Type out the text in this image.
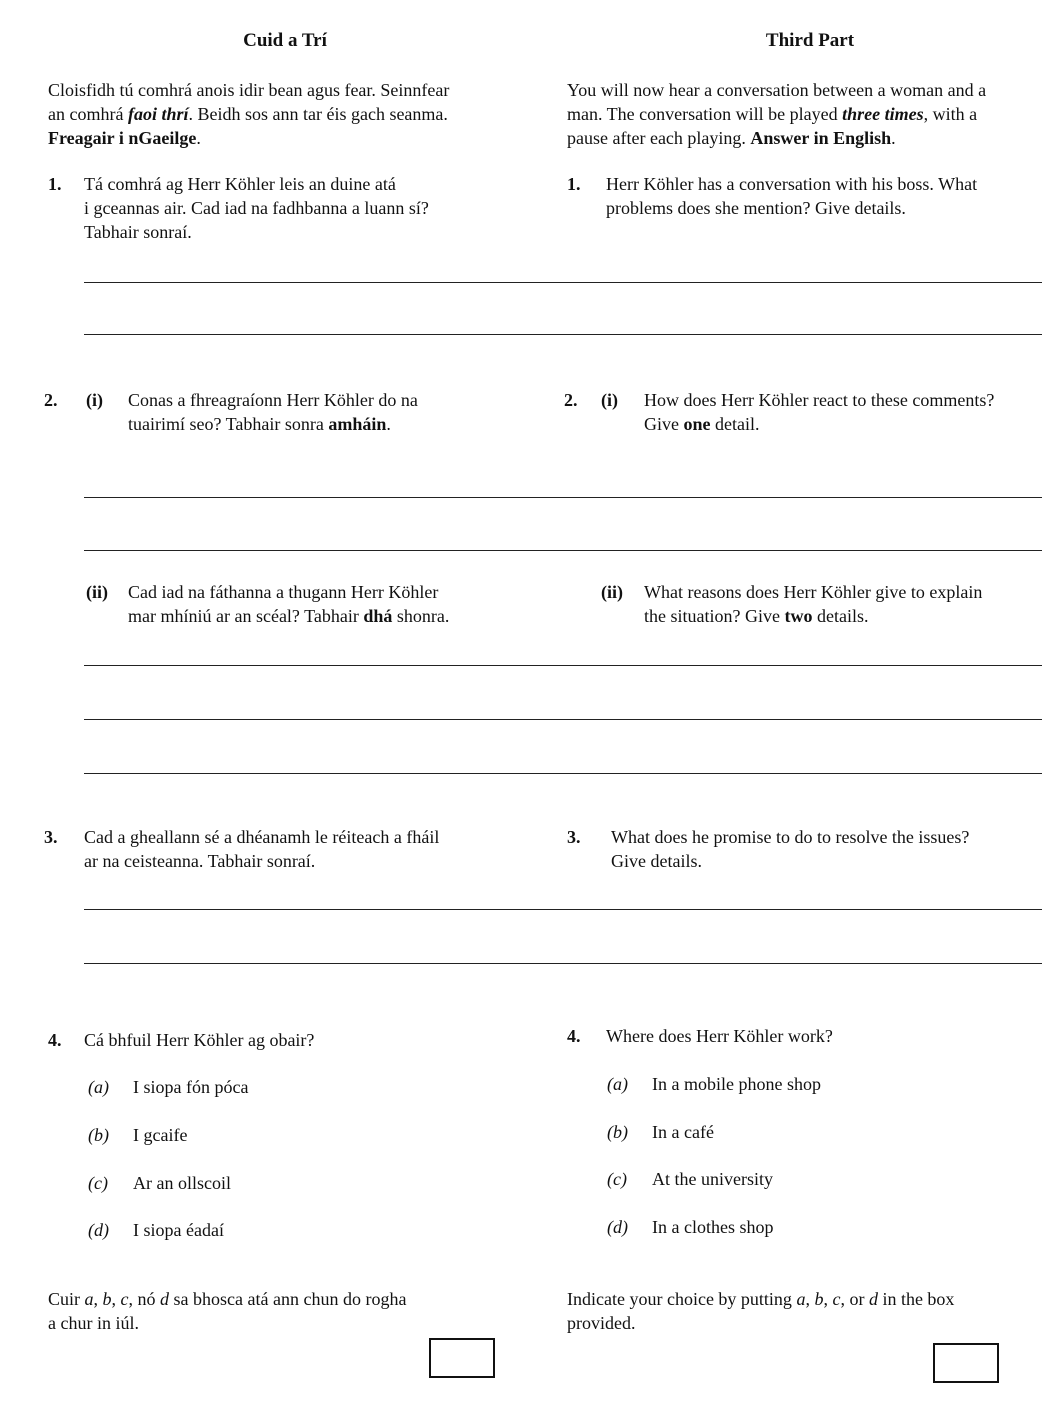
Cuid a Trí	Third Part
Cloisfidh tú comhrá anois idir bean agus fear. Seinnfear
an comhrá faoi thrí. Beidh sos ann tar éis gach seanma.
Freagair i nGaeilge.
You will now hear a conversation between a woman and a
man. The conversation will be played three times, with a
pause after each playing. Answer in English.
1. Tá comhrá ag Herr Köhler leis an duine atá
i gceannas air. Cad iad na fadhbanna a luann sí?
Tabhair sonraí.
1. Herr Köhler has a conversation with his boss. What
problems does she mention? Give details.
2. (i) Conas a fhreagraíonn Herr Köhler do na
tuairimí seo? Tabhair sonra amháin.
2. (i) How does Herr Köhler react to these comments?
Give one detail.
(ii) Cad iad na fáthanna a thugann Herr Köhler
mar mhíniú ar an scéal? Tabhair dhá shonra.
(ii) What reasons does Herr Köhler give to explain
the situation? Give two details.
3. Cad a gheallann sé a dhéanamh le réiteach a fháil
ar na ceisteanna. Tabhair sonraí.
3. What does he promise to do to resolve the issues?
Give details.
4. Cá bhfuil Herr Köhler ag obair?
(a) I siopa fón póca
(b) I gcaife
(c) Ar an ollscoil
(d) I siopa éadaí
4. Where does Herr Köhler work?
(a) In a mobile phone shop
(b) In a café
(c) At the university
(d) In a clothes shop
Cuir a, b, c, nó d sa bhosca atá ann chun do rogha
a chur in iúl.
Indicate your choice by putting a, b, c, or d in the box
provided.
